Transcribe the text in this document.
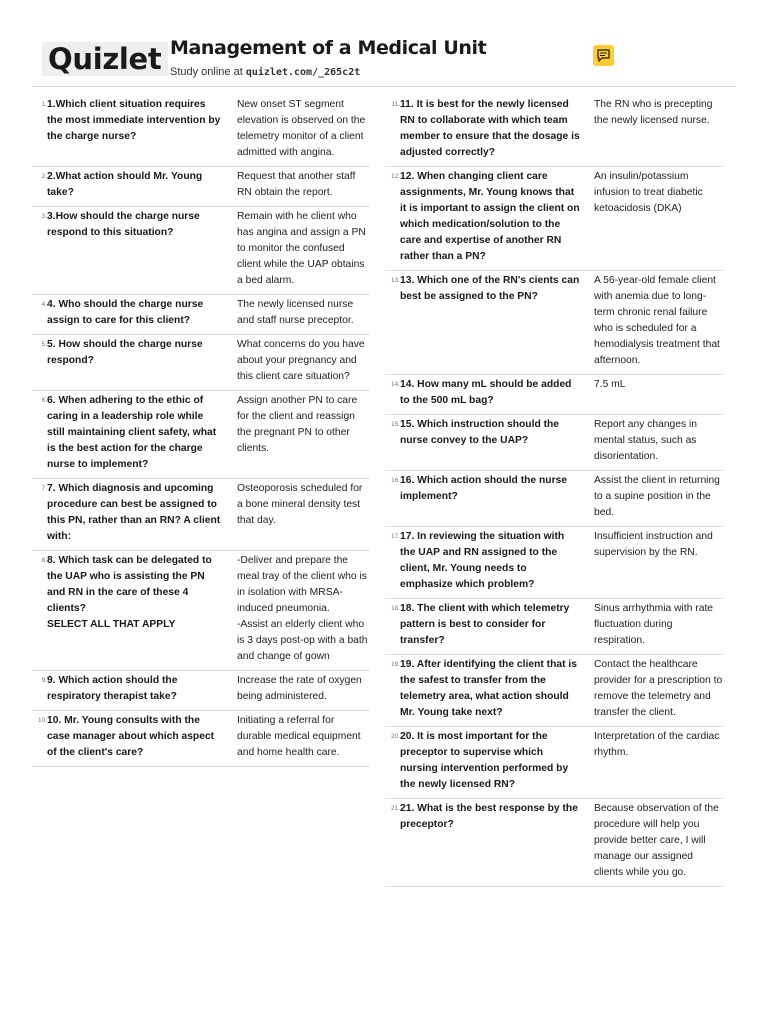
Quizlet Management of a Medical Unit
Study online at quizlet.com/_265c2t
1. 1.Which client situation requires the most immediate intervention by the charge nurse?
New onset ST segment elevation is observed on the telemetry monitor of a client admitted with angina.
2. 2.What action should Mr. Young take?
Request that another staff RN obtain the report.
3. 3.How should the charge nurse respond to this situation?
Remain with he client who has angina and assign a PN to monitor the confused client while the UAP obtains a bed alarm.
4. 4. Who should the charge nurse assign to care for this client?
The newly licensed nurse and staff nurse preceptor.
5. 5. How should the charge nurse respond?
What concerns do you have about your pregnancy and this client care situation?
6. 6. When adhering to the ethic of caring in a leadership role while still maintaining client safety, what is the best action for the charge nurse to implement?
Assign another PN to care for the client and reassign the pregnant PN to other clients.
7. 7. Which diagnosis and upcoming procedure can best be assigned to this PN, rather than an RN? A client with:
Osteoporosis scheduled for a bone mineral density test that day.
8. 8. Which task can be delegated to the UAP who is assisting the PN and RN in the care of these 4 clients?
SELECT ALL THAT APPLY
-Deliver and prepare the meal tray of the client who is in isolation with MRSA-induced pneumonia.
-Assist an elderly client who is 3 days post-op with a bath and change of gown
9. 9. Which action should the respiratory therapist take?
Increase the rate of oxygen being administered.
10. 10. Mr. Young consults with the case manager about which aspect of the client's care?
Initiating a referral for durable medical equipment and home health care.
11. 11. It is best for the newly licensed RN to collaborate with which team member to ensure that the dosage is adjusted correctly?
The RN who is precepting the newly licensed nurse.
12. 12. When changing client care assignments, Mr. Young knows that it is important to assign the client on which medication/solution to the care and expertise of another RN rather than a PN?
An insulin/potassium infusion to treat diabetic ketoacidosis (DKA)
13. 13. Which one of the RN's cients can best be assigned to the PN?
A 56-year-old female client with anemia due to long-term chronic renal failure who is scheduled for a hemodialysis treatment that afternoon.
14. 14. How many mL should be added to the 500 mL bag?
7.5 mL
15. 15. Which instruction should the nurse convey to the UAP?
Report any changes in mental status, such as disorientation.
16. 16. Which action should the nurse implement?
Assist the client in returning to a supine position in the bed.
17. 17. In reviewing the situation with the UAP and RN assigned to the client, Mr. Young needs to emphasize which problem?
Insufficient instruction and supervision by the RN.
18. 18. The client with which telemetry pattern is best to consider for transfer?
Sinus arrhythmia with rate fluctuation during respiration.
19. 19. After identifying the client that is the safest to transfer from the telemetry area, what action should Mr. Young take next?
Contact the healthcare provider for a prescription to remove the telemetry and transfer the client.
20. 20. It is most important for the preceptor to supervise which nursing intervention performed by the newly licensed RN?
Interpretation of the cardiac rhythm.
21. 21. What is the best response by the preceptor?
Because observation of the procedure will help you provide better care, I will manage our assigned clients while you go.
